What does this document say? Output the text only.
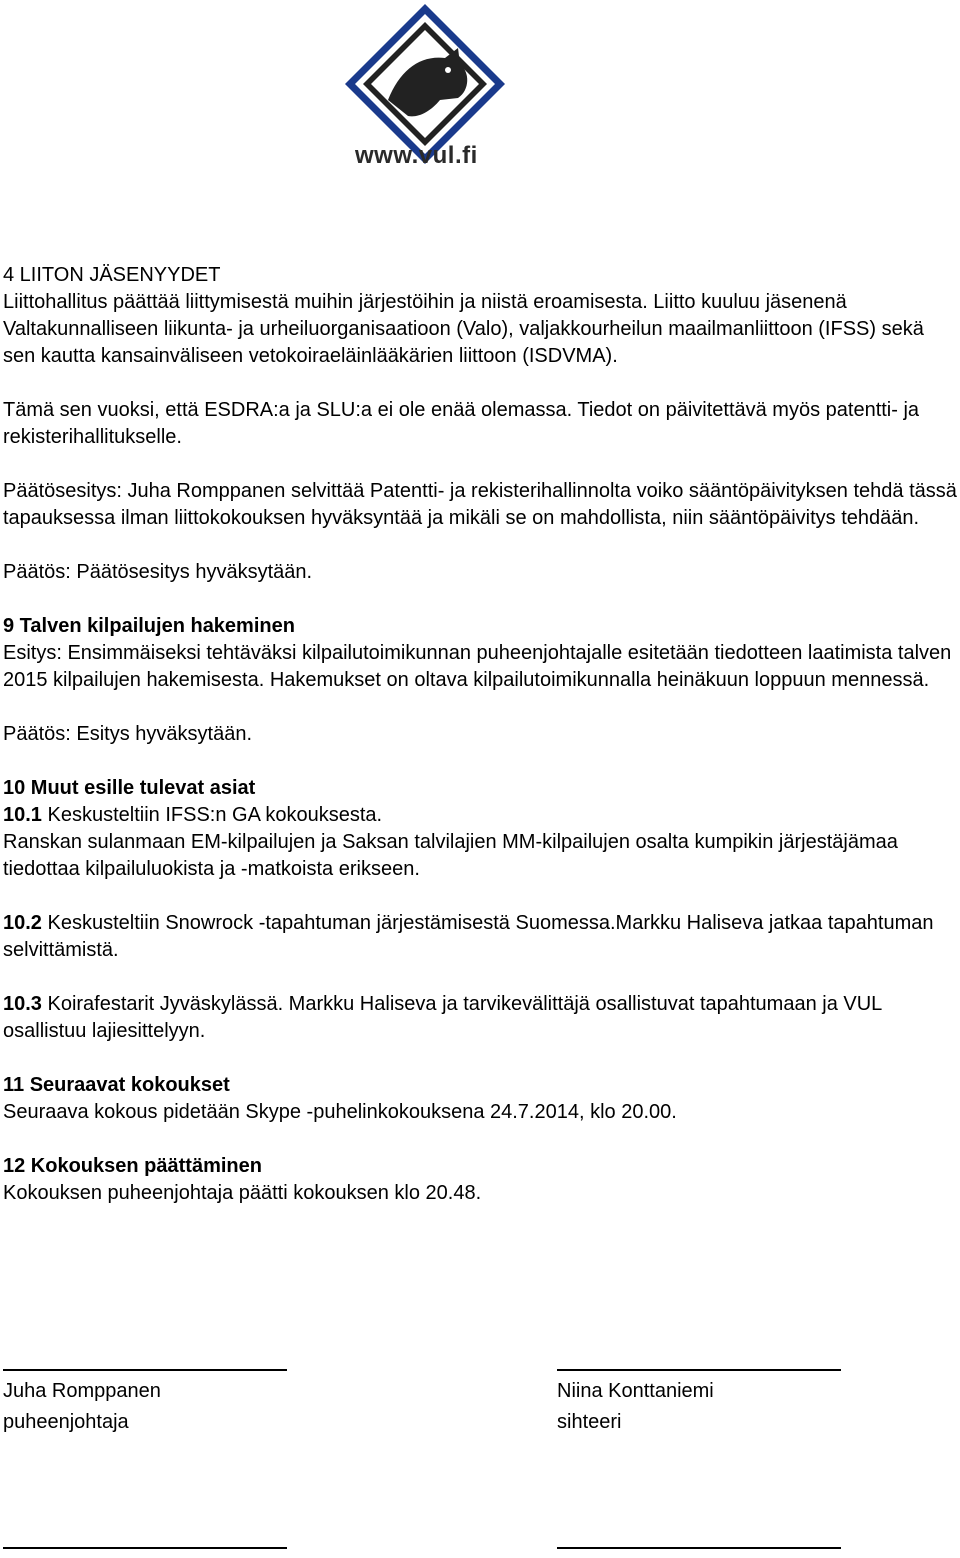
www.vul.fi

4 LIITON JÄSENYYDET

Liittohallitus päättää liittymisestä muihin järjestöihin ja niistä eroamisesta. Liitto kuuluu jäsenenä Valtakunnalliseen liikunta- ja urheiluorganisaatioon (Valo), valjakkourheilun maailmanliittoon (IFSS) sekä sen kautta kansainväliseen vetokoiraeläinlääkärien liittoon (ISDVMA).

Tämä sen vuoksi, että ESDRA:a ja SLU:a ei ole enää olemassa. Tiedot on päivitettävä myös patentti- ja rekisterihallitukselle.

Päätösesitys: Juha Romppanen selvittää Patentti- ja rekisterihallinnolta voiko sääntöpäivityksen tehdä tässä tapauksessa ilman liittokokouksen hyväksyntää ja mikäli se on mahdollista, niin sääntöpäivitys tehdään.

Päätös: Päätösesitys hyväksytään.

9 Talven kilpailujen hakeminen

Esitys: Ensimmäiseksi tehtäväksi kilpailutoimikunnan puheenjohtajalle esitetään tiedotteen laatimista talven 2015 kilpailujen hakemisesta. Hakemukset on oltava kilpailutoimikunnalla heinäkuun loppuun mennessä.

Päätös: Esitys hyväksytään.

10 Muut esille tulevat asiat

10.1 Keskusteltiin IFSS:n GA kokouksesta.

Ranskan sulanmaan EM-kilpailujen ja Saksan talvilajien MM-kilpailujen osalta kumpikin järjestäjämaa tiedottaa kilpailuluokista ja -matkoista erikseen.

10.2 Keskusteltiin Snowrock -tapahtuman järjestämisestä Suomessa.Markku Haliseva jatkaa tapahtuman selvittämistä.

10.3 Koirafestarit Jyväskylässä. Markku Haliseva ja tarvikevälittäjä osallistuvat tapahtumaan ja VUL osallistuu lajiesittelyyn.

11 Seuraavat kokoukset

Seuraava kokous pidetään Skype -puhelinkokouksena 24.7.2014, klo 20.00.

12 Kokouksen päättäminen

Kokouksen puheenjohtaja päätti kokouksen klo 20.48.

Juha Romppanen
puheenjohtaja
Niina Konttaniemi
sihteeri
